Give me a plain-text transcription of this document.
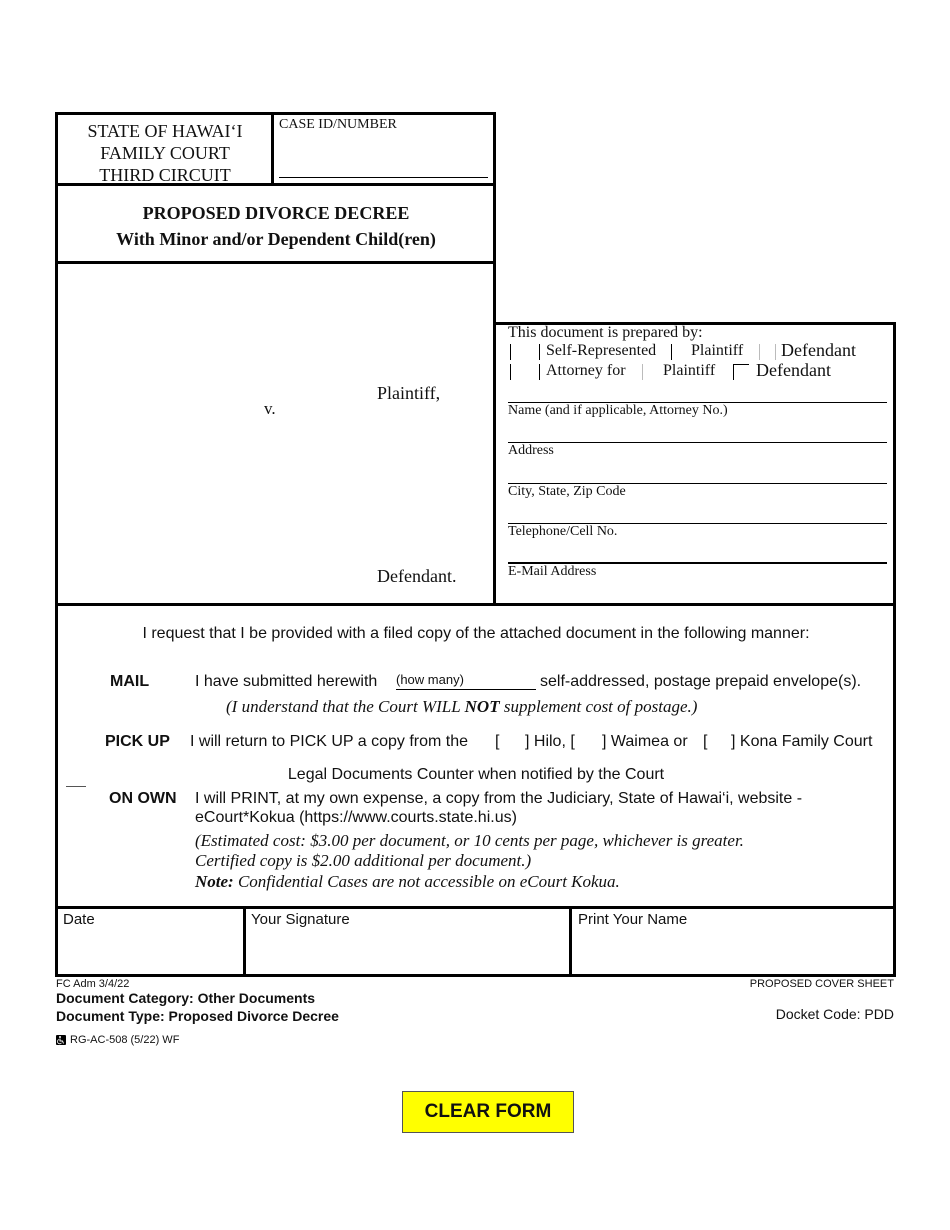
STATE OF HAWAI‘I
FAMILY COURT
THIRD CIRCUIT
CASE ID/NUMBER
PROPOSED DIVORCE DECREE
With Minor and/or Dependent Child(ren)
Plaintiff,
v.
Defendant.
This document is prepared by:
Self-Represented Plaintiff Defendant
Attorney for Plaintiff Defendant
Name (and if applicable, Attorney No.)
Address
City, State, Zip Code
Telephone/Cell No.
E-Mail Address
I request that I be provided with a filed copy of the attached document in the following manner:
MAIL	I have submitted herewith (how many)	self-addressed, postage prepaid envelope(s).
(I understand that the Court WILL NOT supplement cost of postage.)
PICK UP I will return to PICK UP a copy from the [ ] Hilo, [ ] Waimea or [ ] Kona Family Court
Legal Documents Counter when notified by the Court
ON OWN I will PRINT, at my own expense, a copy from the Judiciary, State of Hawai‘i, website -
eCourt*Kokua (https://www.courts.state.hi.us)
(Estimated cost: $3.00 per document, or 10 cents per page, whichever is greater.
Certified copy is $2.00 additional per document.)
Note: Confidential Cases are not accessible on eCourt Kokua.
Date	Your Signature	Print Your Name
FC Adm 3/4/22	PROPOSED COVER SHEET
Document Category: Other Documents
Document Type: Proposed Divorce Decree	Docket Code: PDD
RG-AC-508 (5/22) WF
CLEAR FORM
